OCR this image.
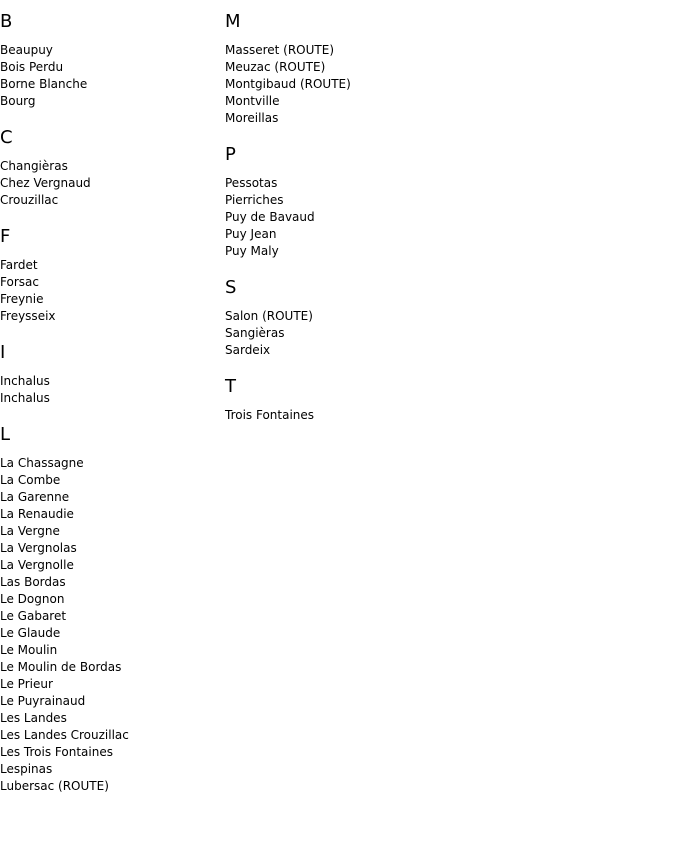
B
Beaupuy
Bois Perdu
Borne Blanche
Bourg
C
Changièras
Chez Vergnaud
Crouzillac
F
Fardet
Forsac
Freynie
Freysseix
I
Inchalus
Inchalus
L
La Chassagne
La Combe
La Garenne
La Renaudie
La Vergne
La Vergnolas
La Vergnolle
Las Bordas
Le Dognon
Le Gabaret
Le Glaude
Le Moulin
Le Moulin de Bordas
Le Prieur
Le Puyrainaud
Les Landes
Les Landes Crouzillac
Les Trois Fontaines
Lespinas
Lubersac (ROUTE)
M
Masseret (ROUTE)
Meuzac (ROUTE)
Montgibaud (ROUTE)
Montville
Moreillas
P
Pessotas
Pierriches
Puy de Bavaud
Puy Jean
Puy Maly
S
Salon (ROUTE)
Sangièras
Sardeix
T
Trois Fontaines
